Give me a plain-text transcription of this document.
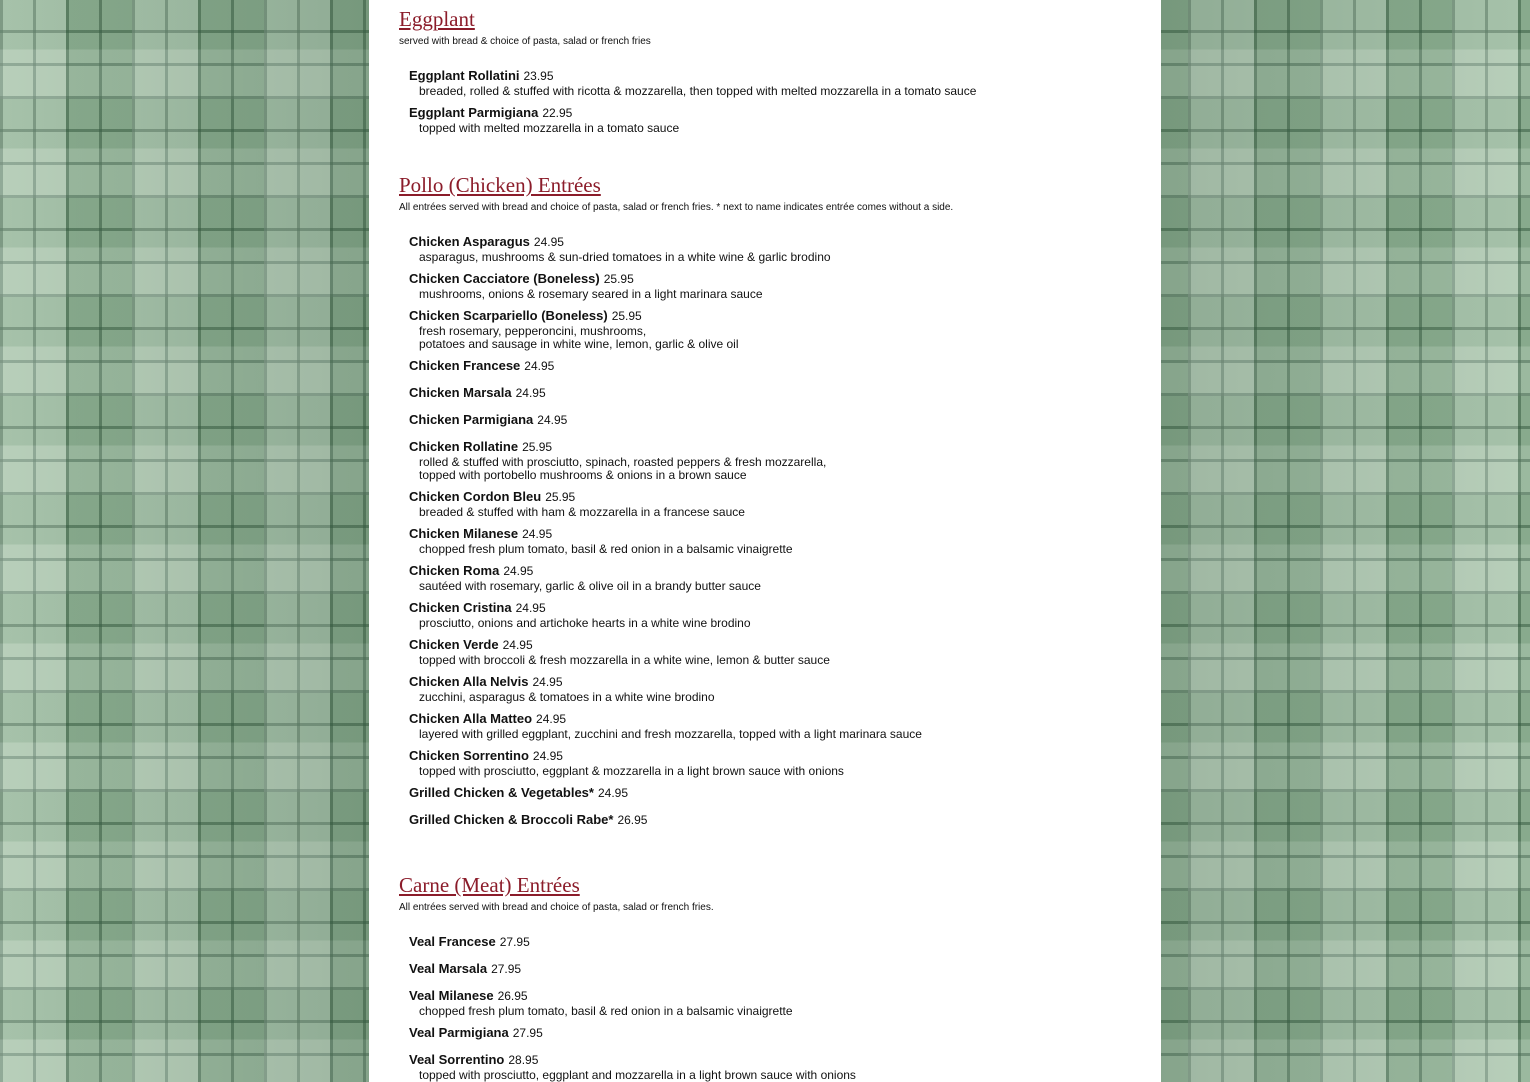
Eggplant
served with bread & choice of pasta, salad or french fries
Eggplant Rollatini 23.95
breaded, rolled & stuffed with ricotta & mozzarella, then topped with melted mozzarella in a tomato sauce
Eggplant Parmigiana 22.95
topped with melted mozzarella in a tomato sauce
Pollo (Chicken) Entrées
All entrées served with bread and choice of pasta, salad or french fries. * next to name indicates entrée comes without a side.
Chicken Asparagus 24.95
asparagus, mushrooms & sun-dried tomatoes in a white wine & garlic brodino
Chicken Cacciatore (Boneless) 25.95
mushrooms, onions & rosemary seared in a light marinara sauce
Chicken Scarpariello (Boneless) 25.95
fresh rosemary, pepperoncini, mushrooms,
potatoes and sausage in white wine, lemon, garlic & olive oil
Chicken Francese 24.95
Chicken Marsala 24.95
Chicken Parmigiana 24.95
Chicken Rollatine 25.95
rolled & stuffed with prosciutto, spinach, roasted peppers & fresh mozzarella,
topped with portobello mushrooms & onions in a brown sauce
Chicken Cordon Bleu 25.95
breaded & stuffed with ham & mozzarella in a francese sauce
Chicken Milanese 24.95
chopped fresh plum tomato, basil & red onion in a balsamic vinaigrette
Chicken Roma 24.95
sautéed with rosemary, garlic & olive oil in a brandy butter sauce
Chicken Cristina 24.95
prosciutto, onions and artichoke hearts in a white wine brodino
Chicken Verde 24.95
topped with broccoli & fresh mozzarella in a white wine, lemon & butter sauce
Chicken Alla Nelvis 24.95
zucchini, asparagus & tomatoes in a white wine brodino
Chicken Alla Matteo 24.95
layered with grilled eggplant, zucchini and fresh mozzarella, topped with a light marinara sauce
Chicken Sorrentino 24.95
topped with prosciutto, eggplant & mozzarella in a light brown sauce with onions
Grilled Chicken & Vegetables* 24.95
Grilled Chicken & Broccoli Rabe* 26.95
Carne (Meat) Entrées
All entrées served with bread and choice of pasta, salad or french fries.
Veal Francese 27.95
Veal Marsala 27.95
Veal Milanese 26.95
chopped fresh plum tomato, basil & red onion in a balsamic vinaigrette
Veal Parmigiana 27.95
Veal Sorrentino 28.95
topped with prosciutto, eggplant and mozzarella in a light brown sauce with onions
